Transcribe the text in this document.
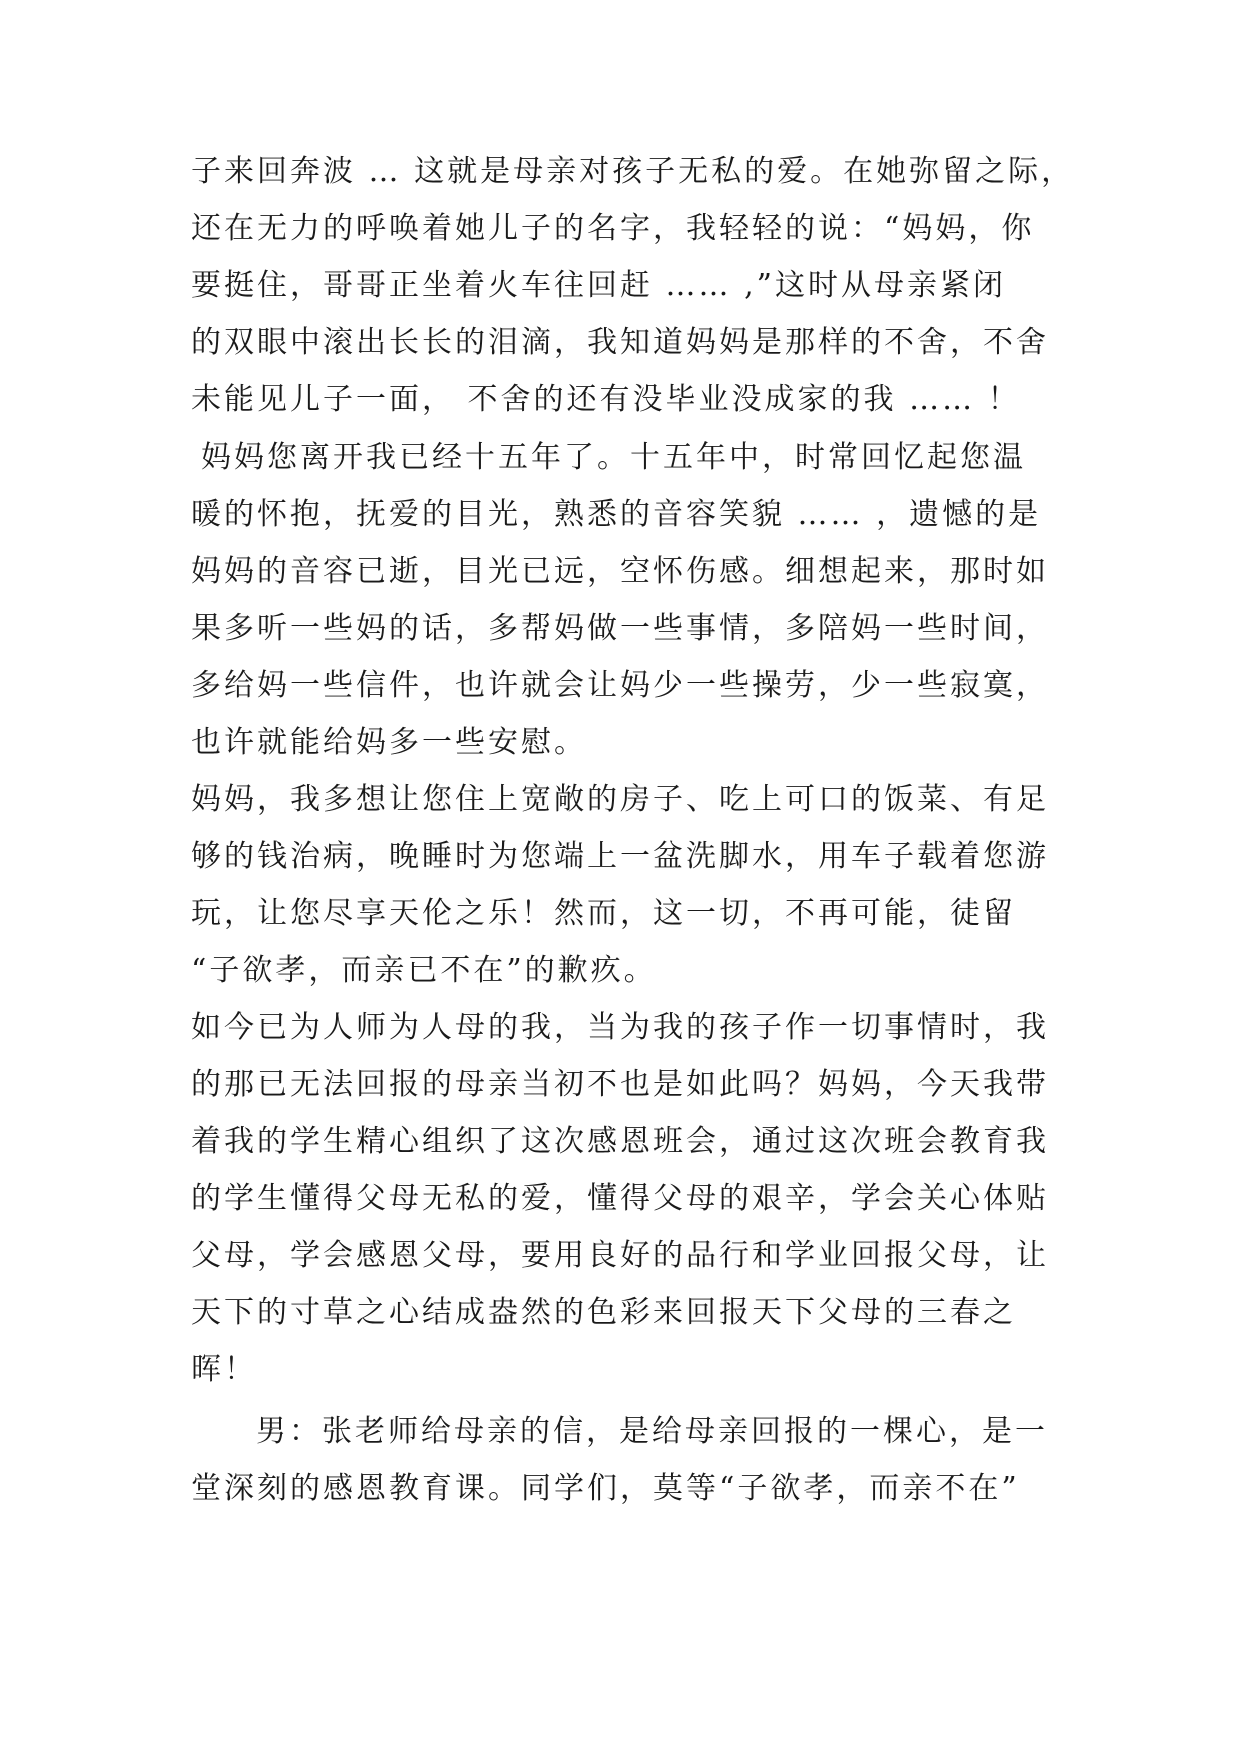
子来回奔波 … 这就是母亲对孩子无私的爱。在她弥留之际，
还在无力的呼唤着她儿子的名字，我轻轻的说：“妈妈，你
要挺住，哥哥正坐着火车往回赶 …… ,”这时从母亲紧闭
的双眼中滚出长长的泪滴，我知道妈妈是那样的不舍，不舍
未能见儿子一面， 不舍的还有没毕业没成家的我 …… ！
妈妈您离开我已经十五年了。十五年中，时常回忆起您温
暖的怀抱，抚爱的目光，熟悉的音容笑貌 …… ，遗憾的是
妈妈的音容已逝，目光已远，空怀伤感。细想起来，那时如
果多听一些妈的话，多帮妈做一些事情，多陪妈一些时间，
多给妈一些信件，也许就会让妈少一些操劳，少一些寂寞，
也许就能给妈多一些安慰。
妈妈，我多想让您住上宽敞的房子、吃上可口的饭菜、有足
够的钱治病，晚睡时为您端上一盆洗脚水，用车子载着您游
玩，让您尽享天伦之乐！然而，这一切，不再可能，徒留
“子欲孝，而亲已不在”的歉疚。
如今已为人师为人母的我，当为我的孩子作一切事情时，我
的那已无法回报的母亲当初不也是如此吗？妈妈，今天我带
着我的学生精心组织了这次感恩班会，通过这次班会教育我
的学生懂得父母无私的爱，懂得父母的艰辛，学会关心体贴
父母，学会感恩父母，要用良好的品行和学业回报父母，让
天下的寸草之心结成盎然的色彩来回报天下父母的三春之
晖！
男：张老师给母亲的信，是给母亲回报的一棵心，是一
堂深刻的感恩教育课。同学们，莫等“子欲孝，而亲不在”
